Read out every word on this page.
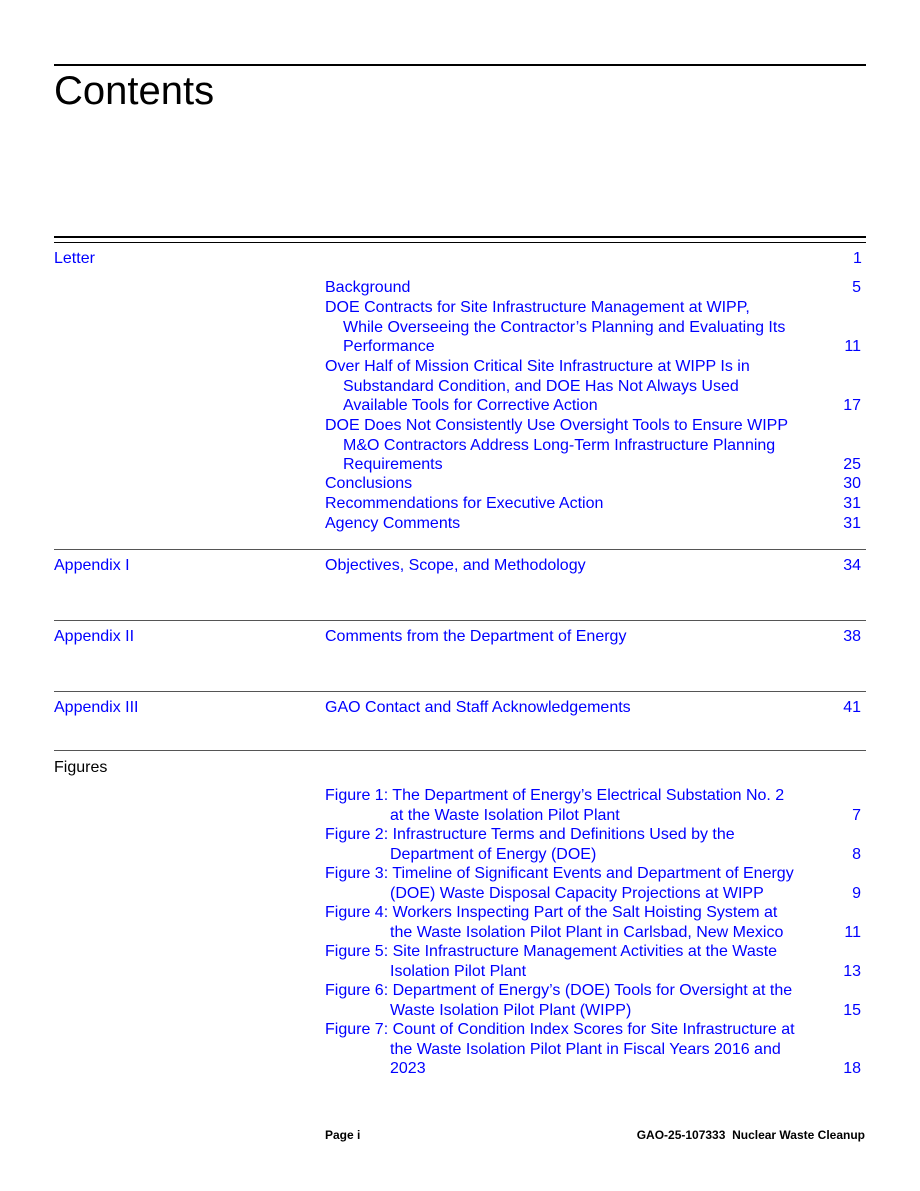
Contents
Letter	1
Background	5
DOE Contracts for Site Infrastructure Management at WIPP,
While Overseeing the Contractor’s Planning and Evaluating Its
Performance	11
Over Half of Mission Critical Site Infrastructure at WIPP Is in
Substandard Condition, and DOE Has Not Always Used
Available Tools for Corrective Action	17
DOE Does Not Consistently Use Oversight Tools to Ensure WIPP
M&O Contractors Address Long-Term Infrastructure Planning
Requirements	25
Conclusions	30
Recommendations for Executive Action	31
Agency Comments	31
Appendix I	Objectives, Scope, and Methodology	34
Appendix II	Comments from the Department of Energy	38
Appendix III	GAO Contact and Staff Acknowledgements	41
Figures
Figure 1: The Department of Energy’s Electrical Substation No. 2
at the Waste Isolation Pilot Plant	7
Figure 2: Infrastructure Terms and Definitions Used by the
Department of Energy (DOE)	8
Figure 3: Timeline of Significant Events and Department of Energy
(DOE) Waste Disposal Capacity Projections at WIPP	9
Figure 4: Workers Inspecting Part of the Salt Hoisting System at
the Waste Isolation Pilot Plant in Carlsbad, New Mexico	11
Figure 5: Site Infrastructure Management Activities at the Waste
Isolation Pilot Plant	13
Figure 6: Department of Energy’s (DOE) Tools for Oversight at the
Waste Isolation Pilot Plant (WIPP)	15
Figure 7: Count of Condition Index Scores for Site Infrastructure at
the Waste Isolation Pilot Plant in Fiscal Years 2016 and
2023	18
Page i	GAO-25-107333  Nuclear Waste Cleanup
